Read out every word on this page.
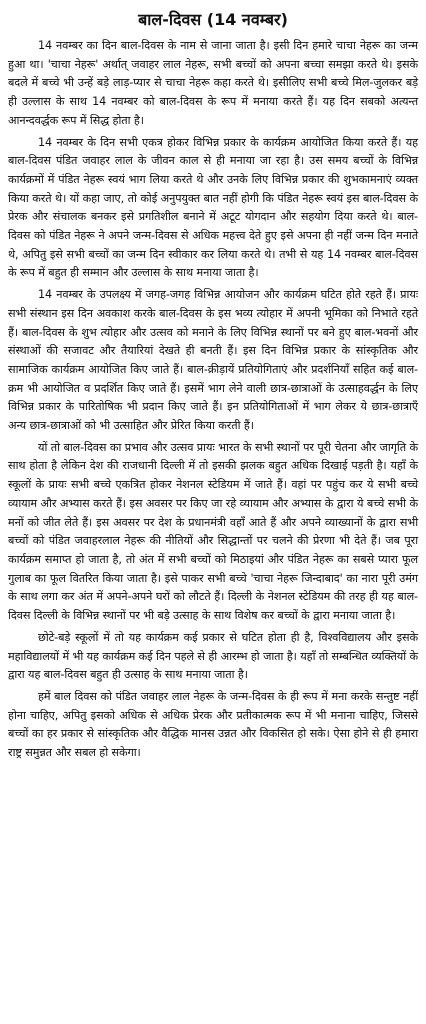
बाल-दिवस (14 नवम्बर)

14 नवम्बर का दिन बाल-दिवस के नाम से जाना जाता है। इसी दिन हमारे चाचा नेहरू का जन्म हुआ था। 'चाचा नेहरू' अर्थात् जवाहर लाल नेहरू, सभी बच्चों को अपना बच्चा समझा करते थे। इसके बदले में बच्चे भी उन्हें बड़े लाड़-प्यार से चाचा नेहरू कहा करते थे। इसीलिए सभी बच्चे मिल-जुलकर बड़े ही उल्लास के साथ 14 नवम्बर को बाल-दिवस के रूप में मनाया करते हैं। यह दिन सबको अत्यन्त आनन्दवर्द्धक रूप में सिद्ध होता है।

14 नवम्बर के दिन सभी एकत्र होकर विभिन्न प्रकार के कार्यक्रम आयोजित किया करते हैं। यह बाल-दिवस पंडित जवाहर लाल के जीवन काल से ही मनाया जा रहा है। उस समय बच्चों के विभिन्न कार्यक्रमों में पंडित नेहरू स्वयं भाग लिया करते थे और उनके लिए विभिन्न प्रकार की शुभकामनाएं व्यक्त किया करते थे। यों कहा जाए, तो कोई अनुपयुक्त बात नहीं होगी कि पंडित नेहरू स्वयं इस बाल-दिवस के प्रेरक और संचालक बनकर इसे प्रगतिशील बनाने में अटूट योगदान और सहयोग दिया करते थे। बाल-दिवस को पंडित नेहरू ने अपने जन्म-दिवस से अधिक महत्त्व देते हुए इसे अपना ही नहीं जन्म दिन मनाते थे, अपितु इसे सभी बच्चों का जन्म दिन स्वीकार कर लिया करते थे। तभी से यह 14 नवम्बर बाल-दिवस के रूप में बहुत ही सम्मान और उल्लास के साथ मनाया जाता है।

14 नवम्बर के उपलक्ष्य में जगह-जगह विभिन्न आयोजन और कार्यक्रम घटित होते रहते हैं। प्रायः सभी संस्थान इस दिन अवकाश करके बाल-दिवस के इस भव्य त्योहार में अपनी भूमिका को निभाते रहते हैं। बाल-दिवस के शुभ त्योहार और उत्सव को मनाने के लिए विभिन्न स्थानों पर बने हुए बाल-भवनों और संस्थाओं की सजावट और तैयारियां देखते ही बनती हैं। इस दिन विभिन्न प्रकार के सांस्कृतिक और सामाजिक कार्यक्रम आयोजित किए जाते हैं। बाल-क्रीड़ायें प्रतियोगिताएं और प्रदर्शनियाँ सहित कई बाल-क्रम भी आयोजित व प्रदर्शित किए जाते हैं। इसमें भाग लेने वाली छात्र-छात्राओं के उत्साहवर्द्धन के लिए विभिन्न प्रकार के पारितोषिक भी प्रदान किए जाते हैं। इन प्रतियोगिताओं में भाग लेकर ये छात्र-छात्राएँ अन्य छात्र-छात्राओं को भी उत्साहित और प्रेरित किया करती हैं।

यों तो बाल-दिवस का प्रभाव और उत्सव प्रायः भारत के सभी स्थानों पर पूरी चेतना और जागृति के साथ होता है लेकिन देश की राजधानी दिल्ली में तो इसकी झलक बहुत अधिक दिखाई पड़ती है। यहाँ के स्कूलों के प्रायः सभी बच्चे एकत्रित होकर नेशनल स्टेडियम में जाते हैं। वहां पर पहुंच कर ये सभी बच्चे व्यायाम और अभ्यास करते हैं। इस अवसर पर किए जा रहे व्यायाम और अभ्यास के द्वारा ये बच्चे सभी के मनों को जीत लेते हैं। इस अवसर पर देश के प्रधानमंत्री वहाँ आते हैं और अपने व्याख्यानों के द्वारा सभी बच्चों को पंडित जवाहरलाल नेहरू की नीतियों और सिद्धान्तों पर चलने की प्रेरणा भी देते हैं। जब पूरा कार्यक्रम समाप्त हो जाता है, तो अंत में सभी बच्चों को मिठाइयां और पंडित नेहरू का सबसे प्यारा फूल गुलाब का फूल वितरित किया जाता है। इसे पाकर सभी बच्चे 'चाचा नेहरू जिन्दाबाद' का नारा पूरी उमंग के साथ लगा कर अंत में अपने-अपने घरों को लौटते हैं। दिल्ली के नेशनल स्टेडियम की तरह ही यह बाल-दिवस दिल्ली के विभिन्न स्थानों पर भी बड़े उत्साह के साथ विशेष कर बच्चों के द्वारा मनाया जाता है।

छोटे-बड़े स्कूलों में तो यह कार्यक्रम कई प्रकार से घटित होता ही है, विश्वविद्यालय और इसके महाविद्यालयों में भी यह कार्यक्रम कई दिन पहले से ही आरम्भ हो जाता है। यहाँ तो सम्बन्धित व्यक्तियों के द्वारा यह बाल-दिवस बहुत ही उत्साह के साथ मनाया जाता है।

हमें बाल दिवस को पंडित जवाहर लाल नेहरू के जन्म-दिवस के ही रूप में मना करके सन्तुष्ट नहीं होना चाहिए, अपितु इसको अधिक से अधिक प्रेरक और प्रतीकात्मक रूप में भी मनाना चाहिए, जिससे बच्चों का हर प्रकार से सांस्कृतिक और वैद्धिक मानस उन्नत और विकसित हो सके। ऐसा होने से ही हमारा राष्ट्र समुन्नत और सबल हो सकेगा।
